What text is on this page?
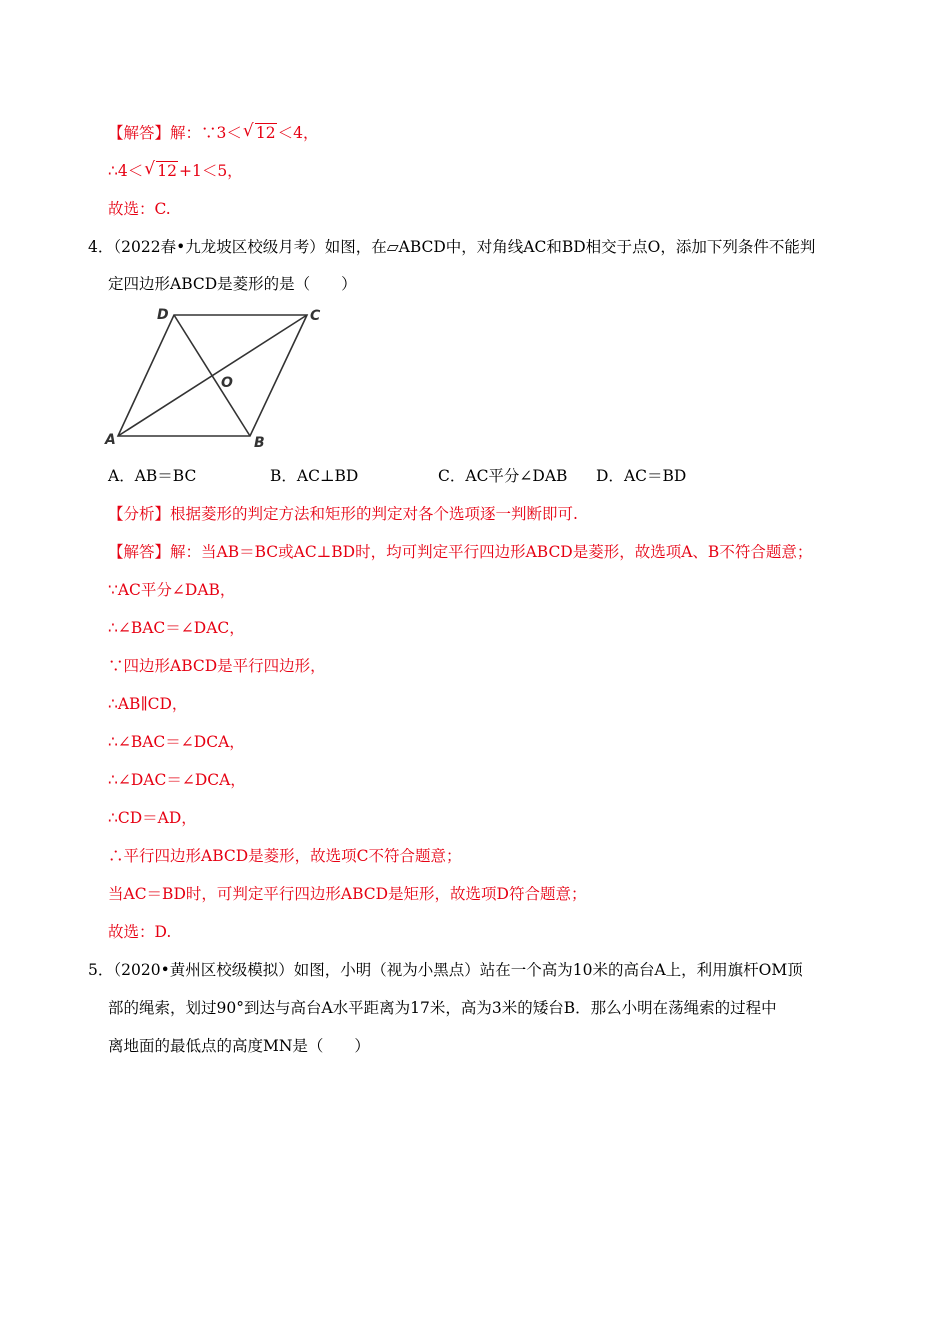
【解答】解：∵3＜ √ 12 ＜4，
∴4＜ √ 12 +1＜5，
故选：C.
4．（2022春•九龙坡区校级月考）如图，在▱ABCD中，对角线AC和BD相交于点O，添加下列条件不能判
定四边形ABCD是菱形的是（　　）
A	B
C
D
O
A．AB＝BC	B．AC⊥BD	C．AC平分∠DAB D．AC＝BD
【分析】根据菱形的判定方法和矩形的判定对各个选项逐一判断即可.
【解答】解：当AB＝BC或AC⊥BD时，均可判定平行四边形ABCD是菱形，故选项A、B不符合题意；
∵AC平分∠DAB，
∴∠BAC＝∠DAC，
∵四边形ABCD是平行四边形，
∴AB∥CD，
∴∠BAC＝∠DCA，
∴∠DAC＝∠DCA，
∴CD＝AD，
∴平行四边形ABCD是菱形，故选项C不符合题意；
当AC＝BD时，可判定平行四边形ABCD是矩形，故选项D符合题意；
故选：D.
5．（2020•黄州区校级模拟）如图，小明（视为小黑点）站在一个高为10米的高台A上，利用旗杆OM顶
部的绳索，划过90°到达与高台A水平距离为17米，高为3米的矮台B．那么小明在荡绳索的过程中
离地面的最低点的高度MN是（　　）
